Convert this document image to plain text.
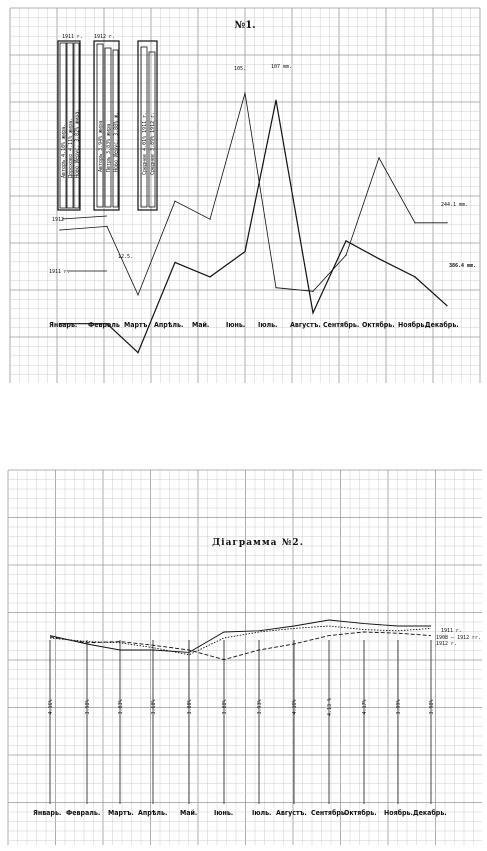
№1.
1911 г.
Авторъ 4.10% жира. Дорохово 4.11% жира. Ново Иерус. 3.82% жира.
1912 г.
Авторъ 3.94% жира Петръ 3.83% жира Ново Иерус. 3.88% ж.	Среднее 4.01% 1911 г. Среднее 3.89% 1912 г.
1912
1911 г.
12.5.
105.	107 mm.
244.1 mm.
386.4 mm.
Январь. Февраль Мартъ. Апрѣль. Май. Iюнь. Iюль. Августъ. Сентябрь. Октябрь. Ноябрь.
Декабрь.
Діаграмма №2.
1911 г.
1908 – 1912 гг.
1912 г.
4.16%	3.98%	3.83%	3.68%	3.80%	3.88%	3.93%	4.16%	4.13 %	4.17%	3.99%	3.98%
Январь. Февраль. Мартъ. Апрѣль. Май. Iюнь.	Iюль. Августъ. Сентябрь.
Октябрь. Ноябрь. Декабрь.
